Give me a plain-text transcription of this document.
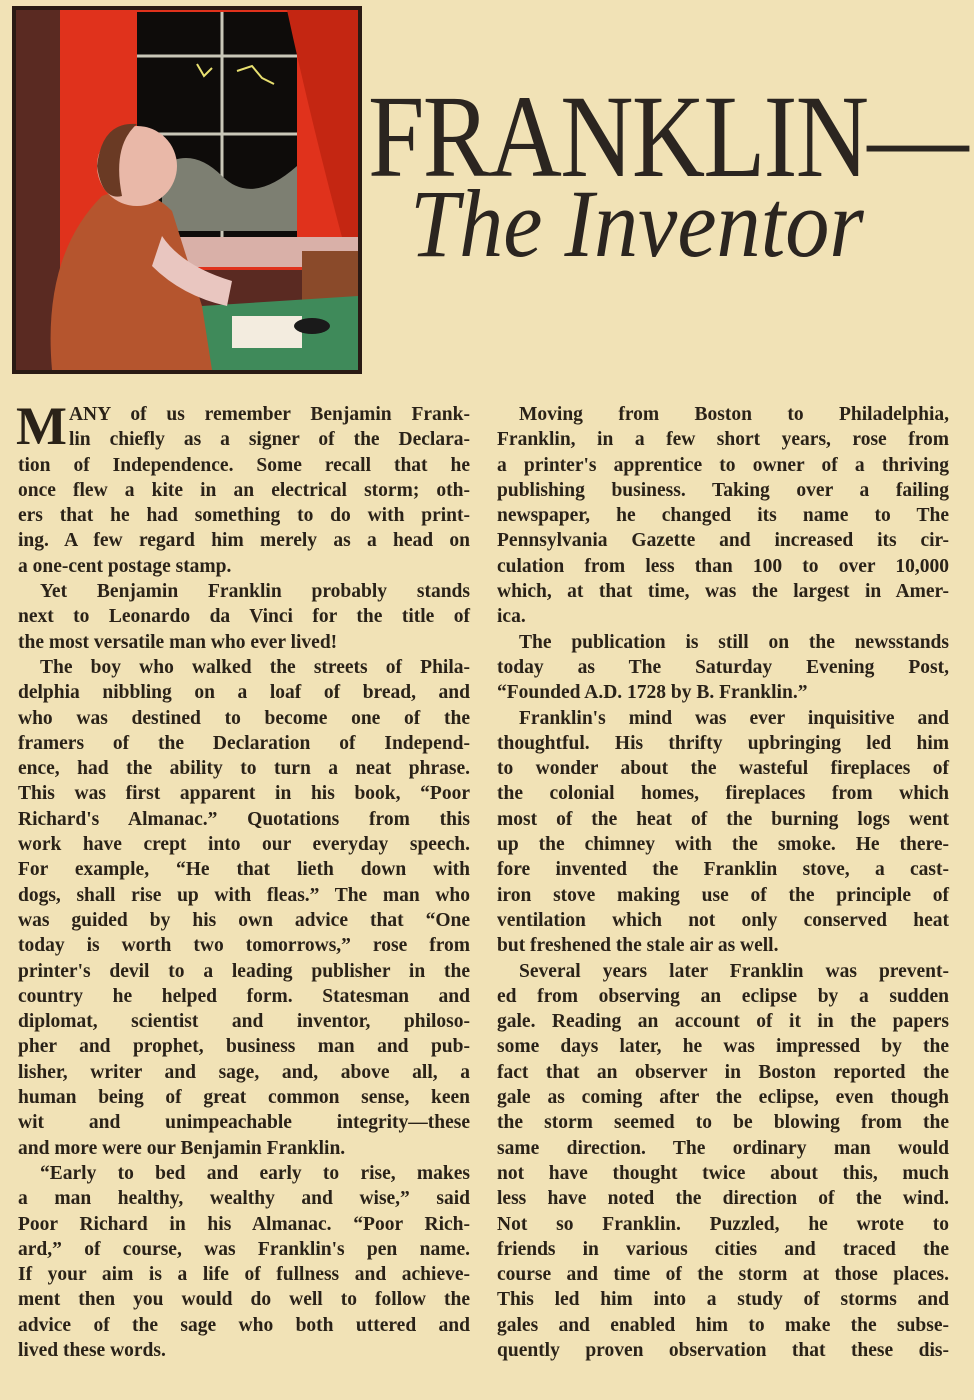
FRANKLIN—
The Inventor
M ANY of us remember Benjamin Frank-
lin chiefly as a signer of the Declara-
tion of Independence. Some recall that he
once flew a kite in an electrical storm; oth-
ers that he had something to do with print-
ing. A few regard him merely as a head on
a one-cent postage stamp.
Yet Benjamin Franklin probably stands
next to Leonardo da Vinci for the title of
the most versatile man who ever lived!
The boy who walked the streets of Phila-
delphia nibbling on a loaf of bread, and
who was destined to become one of the
framers of the Declaration of Independ-
ence, had the ability to turn a neat phrase.
This was first apparent in his book, “Poor
Richard's Almanac.” Quotations from this
work have crept into our everyday speech.
For example, “He that lieth down with
dogs, shall rise up with fleas.” The man who
was guided by his own advice that “One
today is worth two tomorrows,” rose from
printer's devil to a leading publisher in the
country he helped form. Statesman and
diplomat, scientist and inventor, philoso-
pher and prophet, business man and pub-
lisher, writer and sage, and, above all, a
human being of great common sense, keen
wit and unimpeachable integrity—these
and more were our Benjamin Franklin.
“Early to bed and early to rise, makes
a man healthy, wealthy and wise,” said
Poor Richard in his Almanac. “Poor Rich-
ard,” of course, was Franklin's pen name.
If your aim is a life of fullness and achieve-
ment then you would do well to follow the
advice of the sage who both uttered and
lived these words.
Moving from Boston to Philadelphia,
Franklin, in a few short years, rose from
a printer's apprentice to owner of a thriving
publishing business. Taking over a failing
newspaper, he changed its name to The
Pennsylvania Gazette and increased its cir-
culation from less than 100 to over 10,000
which, at that time, was the largest in Amer-
ica.
The publication is still on the newsstands
today as The Saturday Evening Post,
“Founded A.D. 1728 by B. Franklin.”
Franklin's mind was ever inquisitive and
thoughtful. His thrifty upbringing led him
to wonder about the wasteful fireplaces of
the colonial homes, fireplaces from which
most of the heat of the burning logs went
up the chimney with the smoke. He there-
fore invented the Franklin stove, a cast-
iron stove making use of the principle of
ventilation which not only conserved heat
but freshened the stale air as well.
Several years later Franklin was prevent-
ed from observing an eclipse by a sudden
gale. Reading an account of it in the papers
some days later, he was impressed by the
fact that an observer in Boston reported the
gale as coming after the eclipse, even though
the storm seemed to be blowing from the
same direction. The ordinary man would
not have thought twice about this, much
less have noted the direction of the wind.
Not so Franklin. Puzzled, he wrote to
friends in various cities and traced the
course and time of the storm at those places.
This led him into a study of storms and
gales and enabled him to make the subse-
quently proven observation that these dis-
